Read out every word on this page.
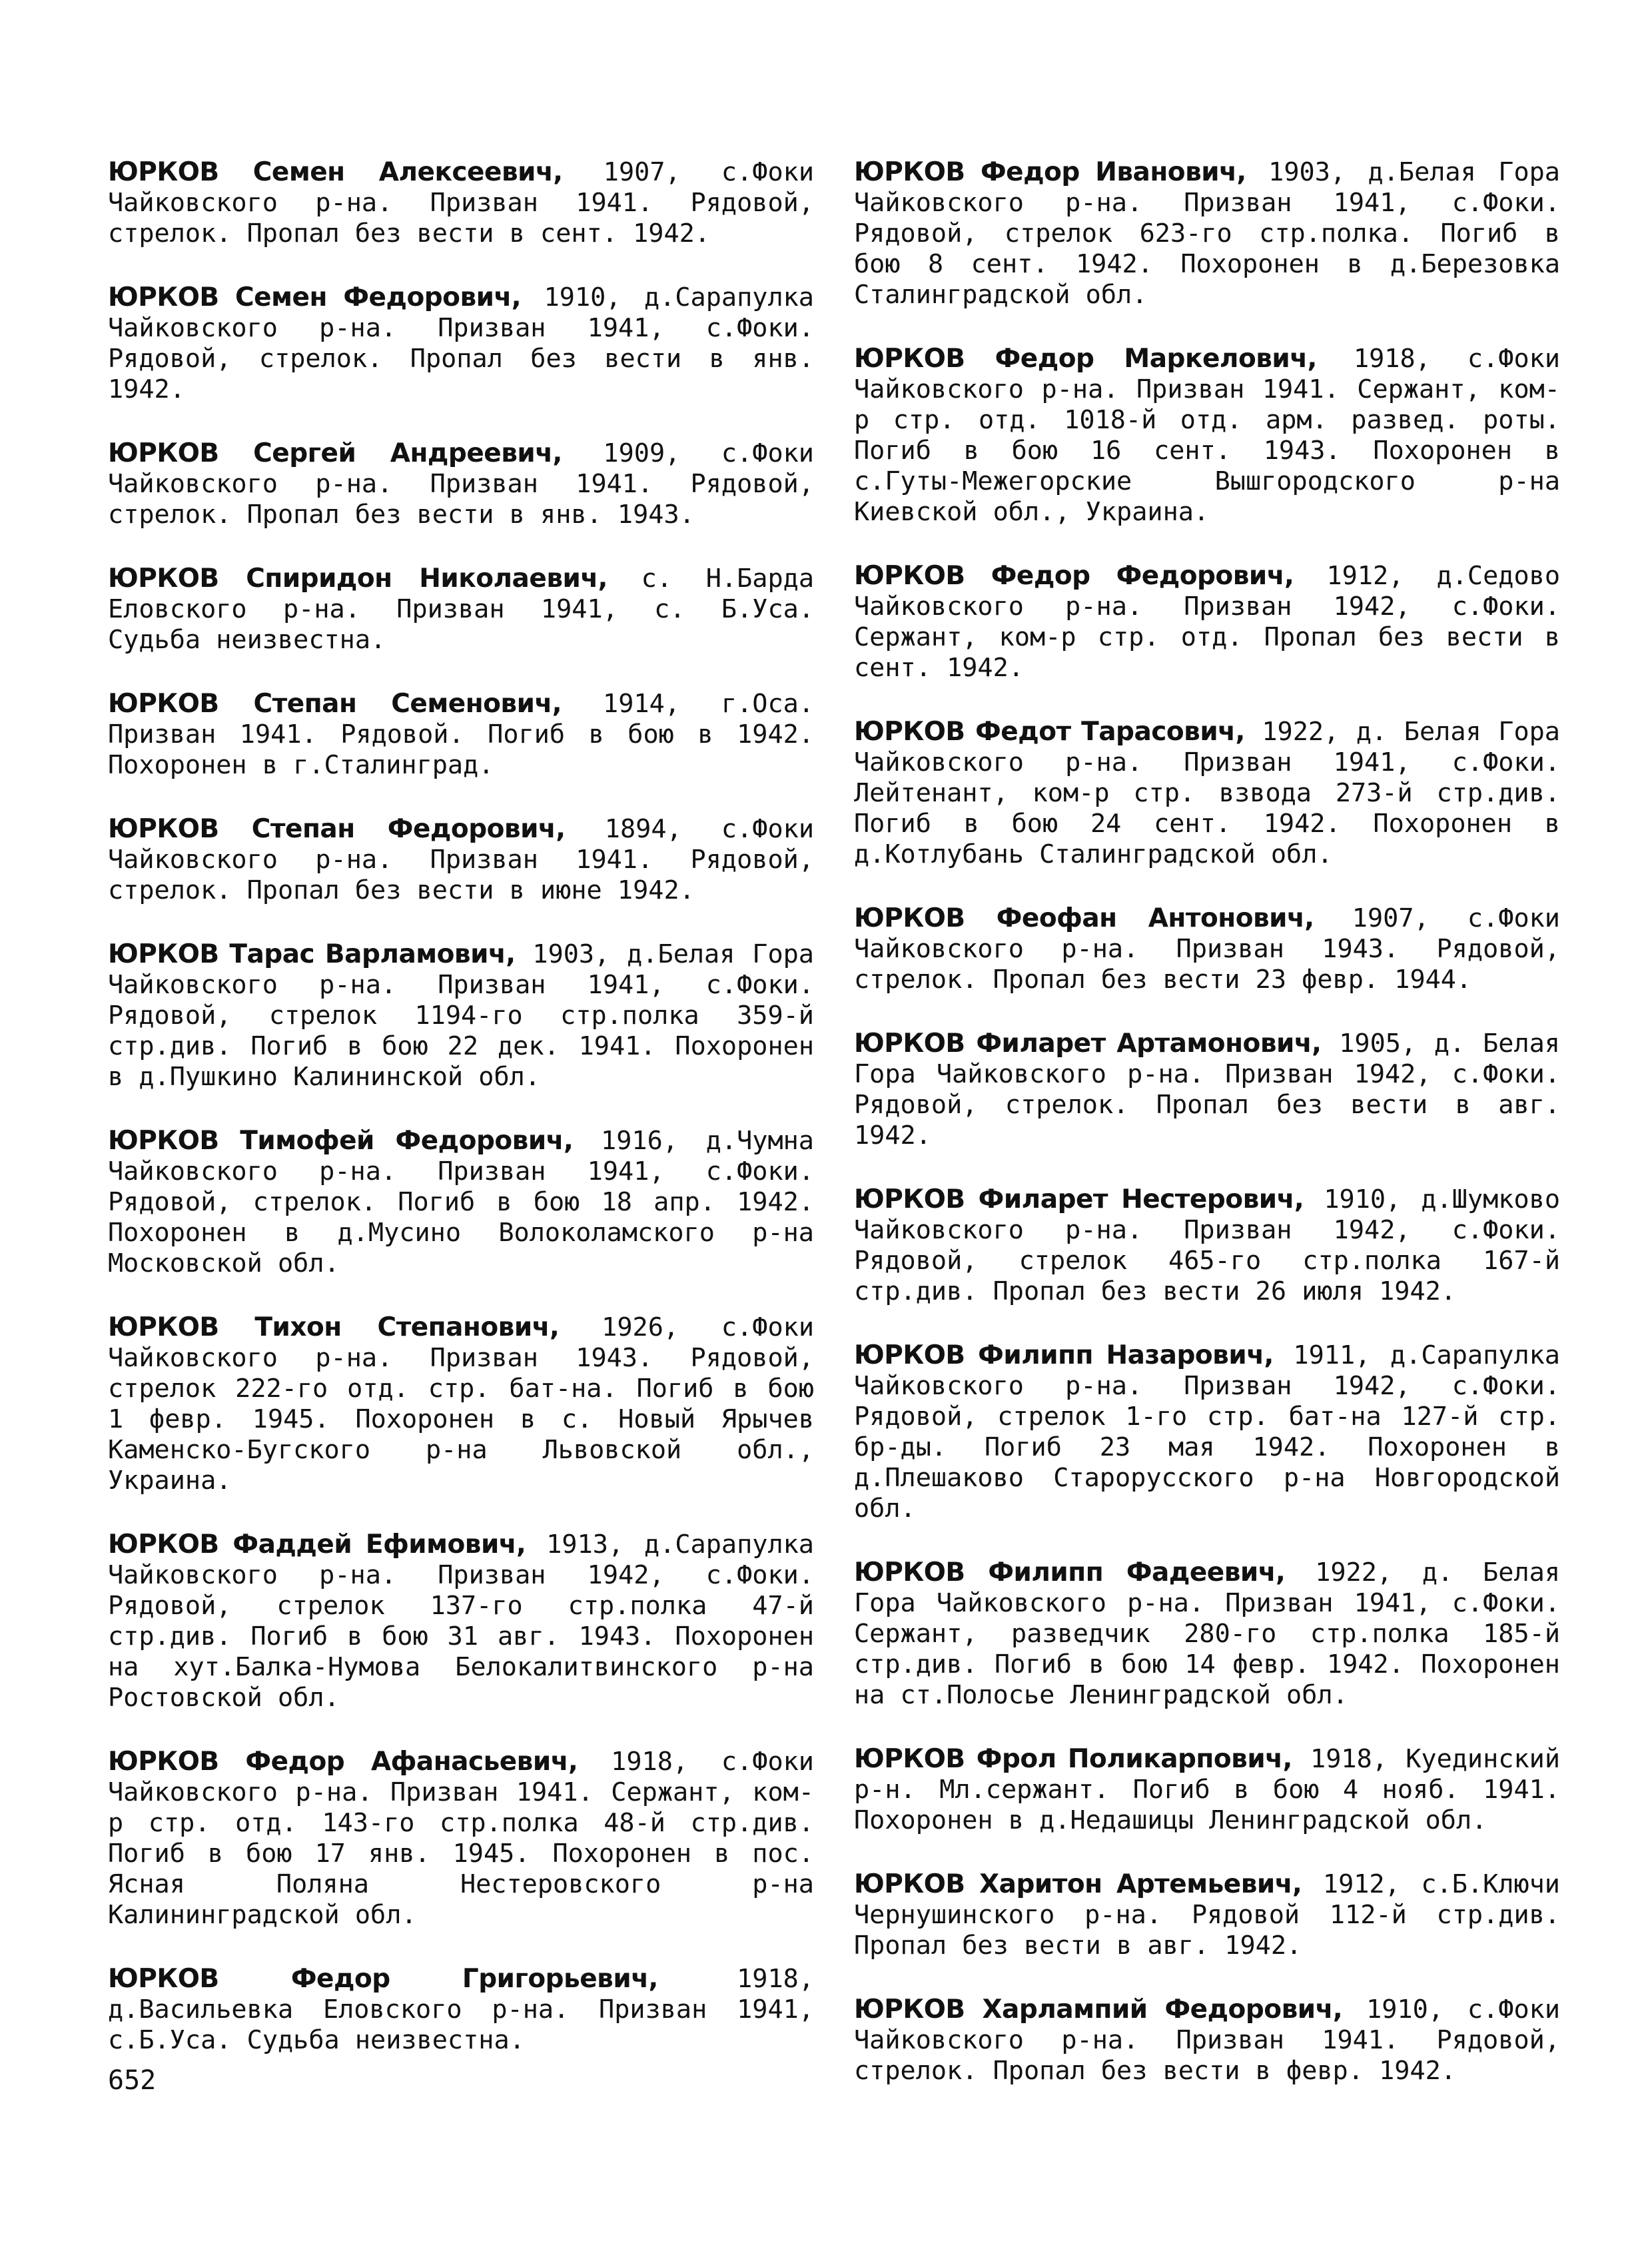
ЮРКОВ Семен Алексеевич, 1907, с.Фоки Чайковского р-на. Призван 1941. Рядовой, стрелок. Пропал без вести в сент. 1942.

ЮРКОВ Семен Федорович, 1910, д.Сарапулка Чайковского р-на. Призван 1941, с.Фоки. Рядовой, стрелок. Пропал без вести в янв. 1942.

ЮРКОВ Сергей Андреевич, 1909, с.Фоки Чайковского р-на. Призван 1941. Рядовой, стрелок. Пропал без вести в янв. 1943.

ЮРКОВ Спиридон Николаевич, с. Н.Барда Еловского р-на. Призван 1941, с. Б.Уса. Судьба неизвестна.

ЮРКОВ Степан Семенович, 1914, г.Оса. Призван 1941. Рядовой. Погиб в бою в 1942. Похоронен в г.Сталинград.

ЮРКОВ Степан Федорович, 1894, с.Фоки Чайковского р-на. Призван 1941. Рядовой, стрелок. Пропал без вести в июне 1942.

ЮРКОВ Тарас Варламович, 1903, д.Белая Гора Чайковского р-на. Призван 1941, с.Фоки. Рядовой, стрелок 1194-го стр.полка 359-й стр.див. Погиб в бою 22 дек. 1941. Похоронен в д.Пушкино Калининской обл.

ЮРКОВ Тимофей Федорович, 1916, д.Чумна Чайковского р-на. Призван 1941, с.Фоки. Рядовой, стрелок. Погиб в бою 18 апр. 1942. Похоронен в д.Мусино Волоколамского р-на Московской обл.

ЮРКОВ Тихон Степанович, 1926, с.Фоки Чайковского р-на. Призван 1943. Рядовой, стрелок 222-го отд. стр. бат-на. Погиб в бою 1 февр. 1945. Похоронен в с. Новый Ярычев Каменско-Бугского р-на Львовской обл., Украина.

ЮРКОВ Фаддей Ефимович, 1913, д.Сарапулка Чайковского р-на. Призван 1942, с.Фоки. Рядовой, стрелок 137-го стр.полка 47-й стр.див. Погиб в бою 31 авг. 1943. Похоронен на хут.Балка-Нумова Белокалитвинского р-на Ростовской обл.

ЮРКОВ Федор Афанасьевич, 1918, с.Фоки Чайковского р-на. Призван 1941. Сержант, ком-р стр. отд. 143-го стр.полка 48-й стр.див. Погиб в бою 17 янв. 1945. Похоронен в пос. Ясная Поляна Нестеровского р-на Калининградской обл.

ЮРКОВ Федор Григорьевич, 1918, д.Васильевка Еловского р-на. Призван 1941, с.Б.Уса. Судьба неизвестна.

ЮРКОВ Федор Иванович, 1903, д.Белая Гора Чайковского р-на. Призван 1941, с.Фоки. Рядовой, стрелок 623-го стр.полка. Погиб в бою 8 сент. 1942. Похоронен в д.Березовка Сталинградской обл.

ЮРКОВ Федор Маркелович, 1918, с.Фоки Чайковского р-на. Призван 1941. Сержант, ком-р стр. отд. 1018-й отд. арм. развед. роты. Погиб в бою 16 сент. 1943. Похоронен в с.Гуты-Межегорские Вышгородского р-на Киевской обл., Украина.

ЮРКОВ Федор Федорович, 1912, д.Седово Чайковского р-на. Призван 1942, с.Фоки. Сержант, ком-р стр. отд. Пропал без вести в сент. 1942.

ЮРКОВ Федот Тарасович, 1922, д. Белая Гора Чайковского р-на. Призван 1941, с.Фоки. Лейтенант, ком-р стр. взвода 273-й стр.див. Погиб в бою 24 сент. 1942. Похоронен в д.Котлубань Сталинградской обл.

ЮРКОВ Феофан Антонович, 1907, с.Фоки Чайковского р-на. Призван 1943. Рядовой, стрелок. Пропал без вести 23 февр. 1944.

ЮРКОВ Филарет Артамонович, 1905, д. Белая Гора Чайковского р-на. Призван 1942, с.Фоки. Рядовой, стрелок. Пропал без вести в авг. 1942.

ЮРКОВ Филарет Нестерович, 1910, д.Шумково Чайковского р-на. Призван 1942, с.Фоки. Рядовой, стрелок 465-го стр.полка 167-й стр.див. Пропал без вести 26 июля 1942.

ЮРКОВ Филипп Назарович, 1911, д.Сарапулка Чайковского р-на. Призван 1942, с.Фоки. Рядовой, стрелок 1-го стр. бат-на 127-й стр. бр-ды. Погиб 23 мая 1942. Похоронен в д.Плешаково Старорусского р-на Новгородской обл.

ЮРКОВ Филипп Фадеевич, 1922, д. Белая Гора Чайковского р-на. Призван 1941, с.Фоки. Сержант, разведчик 280-го стр.полка 185-й стр.див. Погиб в бою 14 февр. 1942. Похоронен на ст.Полосье Ленинградской обл.

ЮРКОВ Фрол Поликарпович, 1918, Куединский р-н. Мл.сержант. Погиб в бою 4 нояб. 1941. Похоронен в д.Недашицы Ленинградской обл.

ЮРКОВ Харитон Артемьевич, 1912, с.Б.Ключи Чернушинского р-на. Рядовой 112-й стр.див. Пропал без вести в авг. 1942.

ЮРКОВ Харлампий Федорович, 1910, с.Фоки Чайковского р-на. Призван 1941. Рядовой, стрелок. Пропал без вести в февр. 1942.

652
